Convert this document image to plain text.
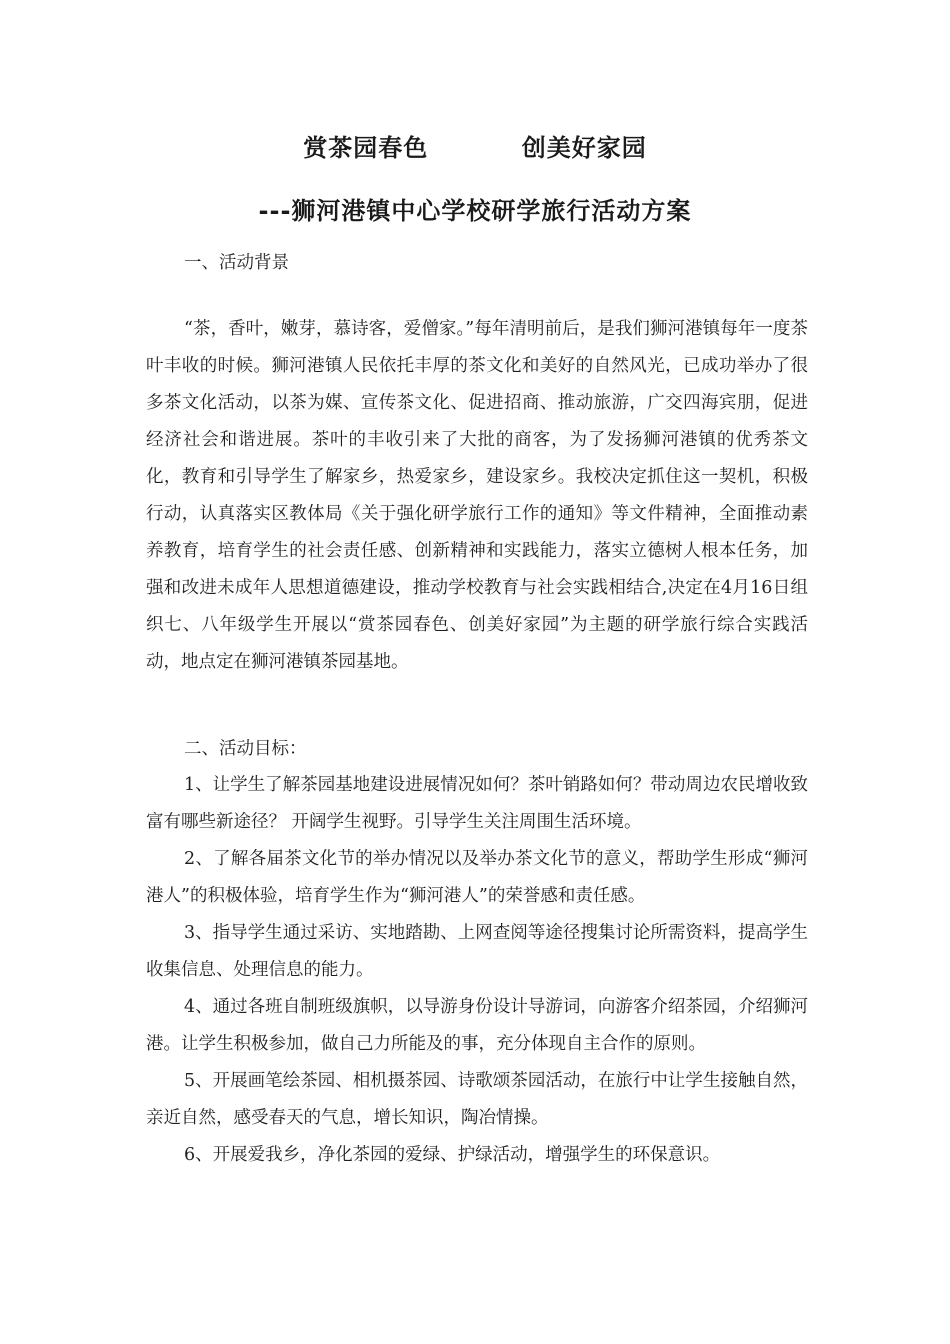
赏茶园春色          创美好家园
---狮河港镇中心学校研学旅行活动方案
一、活动背景

“茶，香叶，嫩芽，慕诗客，爱僧家。”每年清明前后，是我们狮河港镇每年一度茶叶丰收的时候。狮河港镇人民依托丰厚的茶文化和美好的自然风光，已成功举办了很多茶文化活动，以茶为媒、宣传茶文化、促进招商、推动旅游，广交四海宾朋，促进经济社会和谐进展。茶叶的丰收引来了大批的商客，为了发扬狮河港镇的优秀茶文化，教育和引导学生了解家乡，热爱家乡，建设家乡。我校决定抓住这一契机，积极行动，认真落实区教体局《关于强化研学旅行工作的通知》等文件精神，全面推动素养教育，培育学生的社会责任感、创新精神和实践能力，落实立德树人根本任务，加强和改进未成年人思想道德建设，推动学校教育与社会实践相结合,决定在4月16日组织七、八年级学生开展以“赏茶园春色、创美好家园”为主题的研学旅行综合实践活动，地点定在狮河港镇茶园基地。

二、活动目标：

1、让学生了解茶园基地建设进展情况如何？茶叶销路如何？带动周边农民增收致富有哪些新途径？ 开阔学生视野。引导学生关注周围生活环境。

2、了解各届茶文化节的举办情况以及举办茶文化节的意义，帮助学生形成“狮河港人”的积极体验，培育学生作为“狮河港人”的荣誉感和责任感。

3、指导学生通过采访、实地踏勘、上网查阅等途径搜集讨论所需资料，提高学生收集信息、处理信息的能力。

4、通过各班自制班级旗帜，以导游身份设计导游词，向游客介绍茶园，介绍狮河港。让学生积极参加，做自己力所能及的事，充分体现自主合作的原则。

5、开展画笔绘茶园、相机摄茶园、诗歌颂茶园活动，在旅行中让学生接触自然，亲近自然，感受春天的气息，增长知识，陶冶情操。

6、开展爱我乡，净化茶园的爱绿、护绿活动，增强学生的环保意识。
